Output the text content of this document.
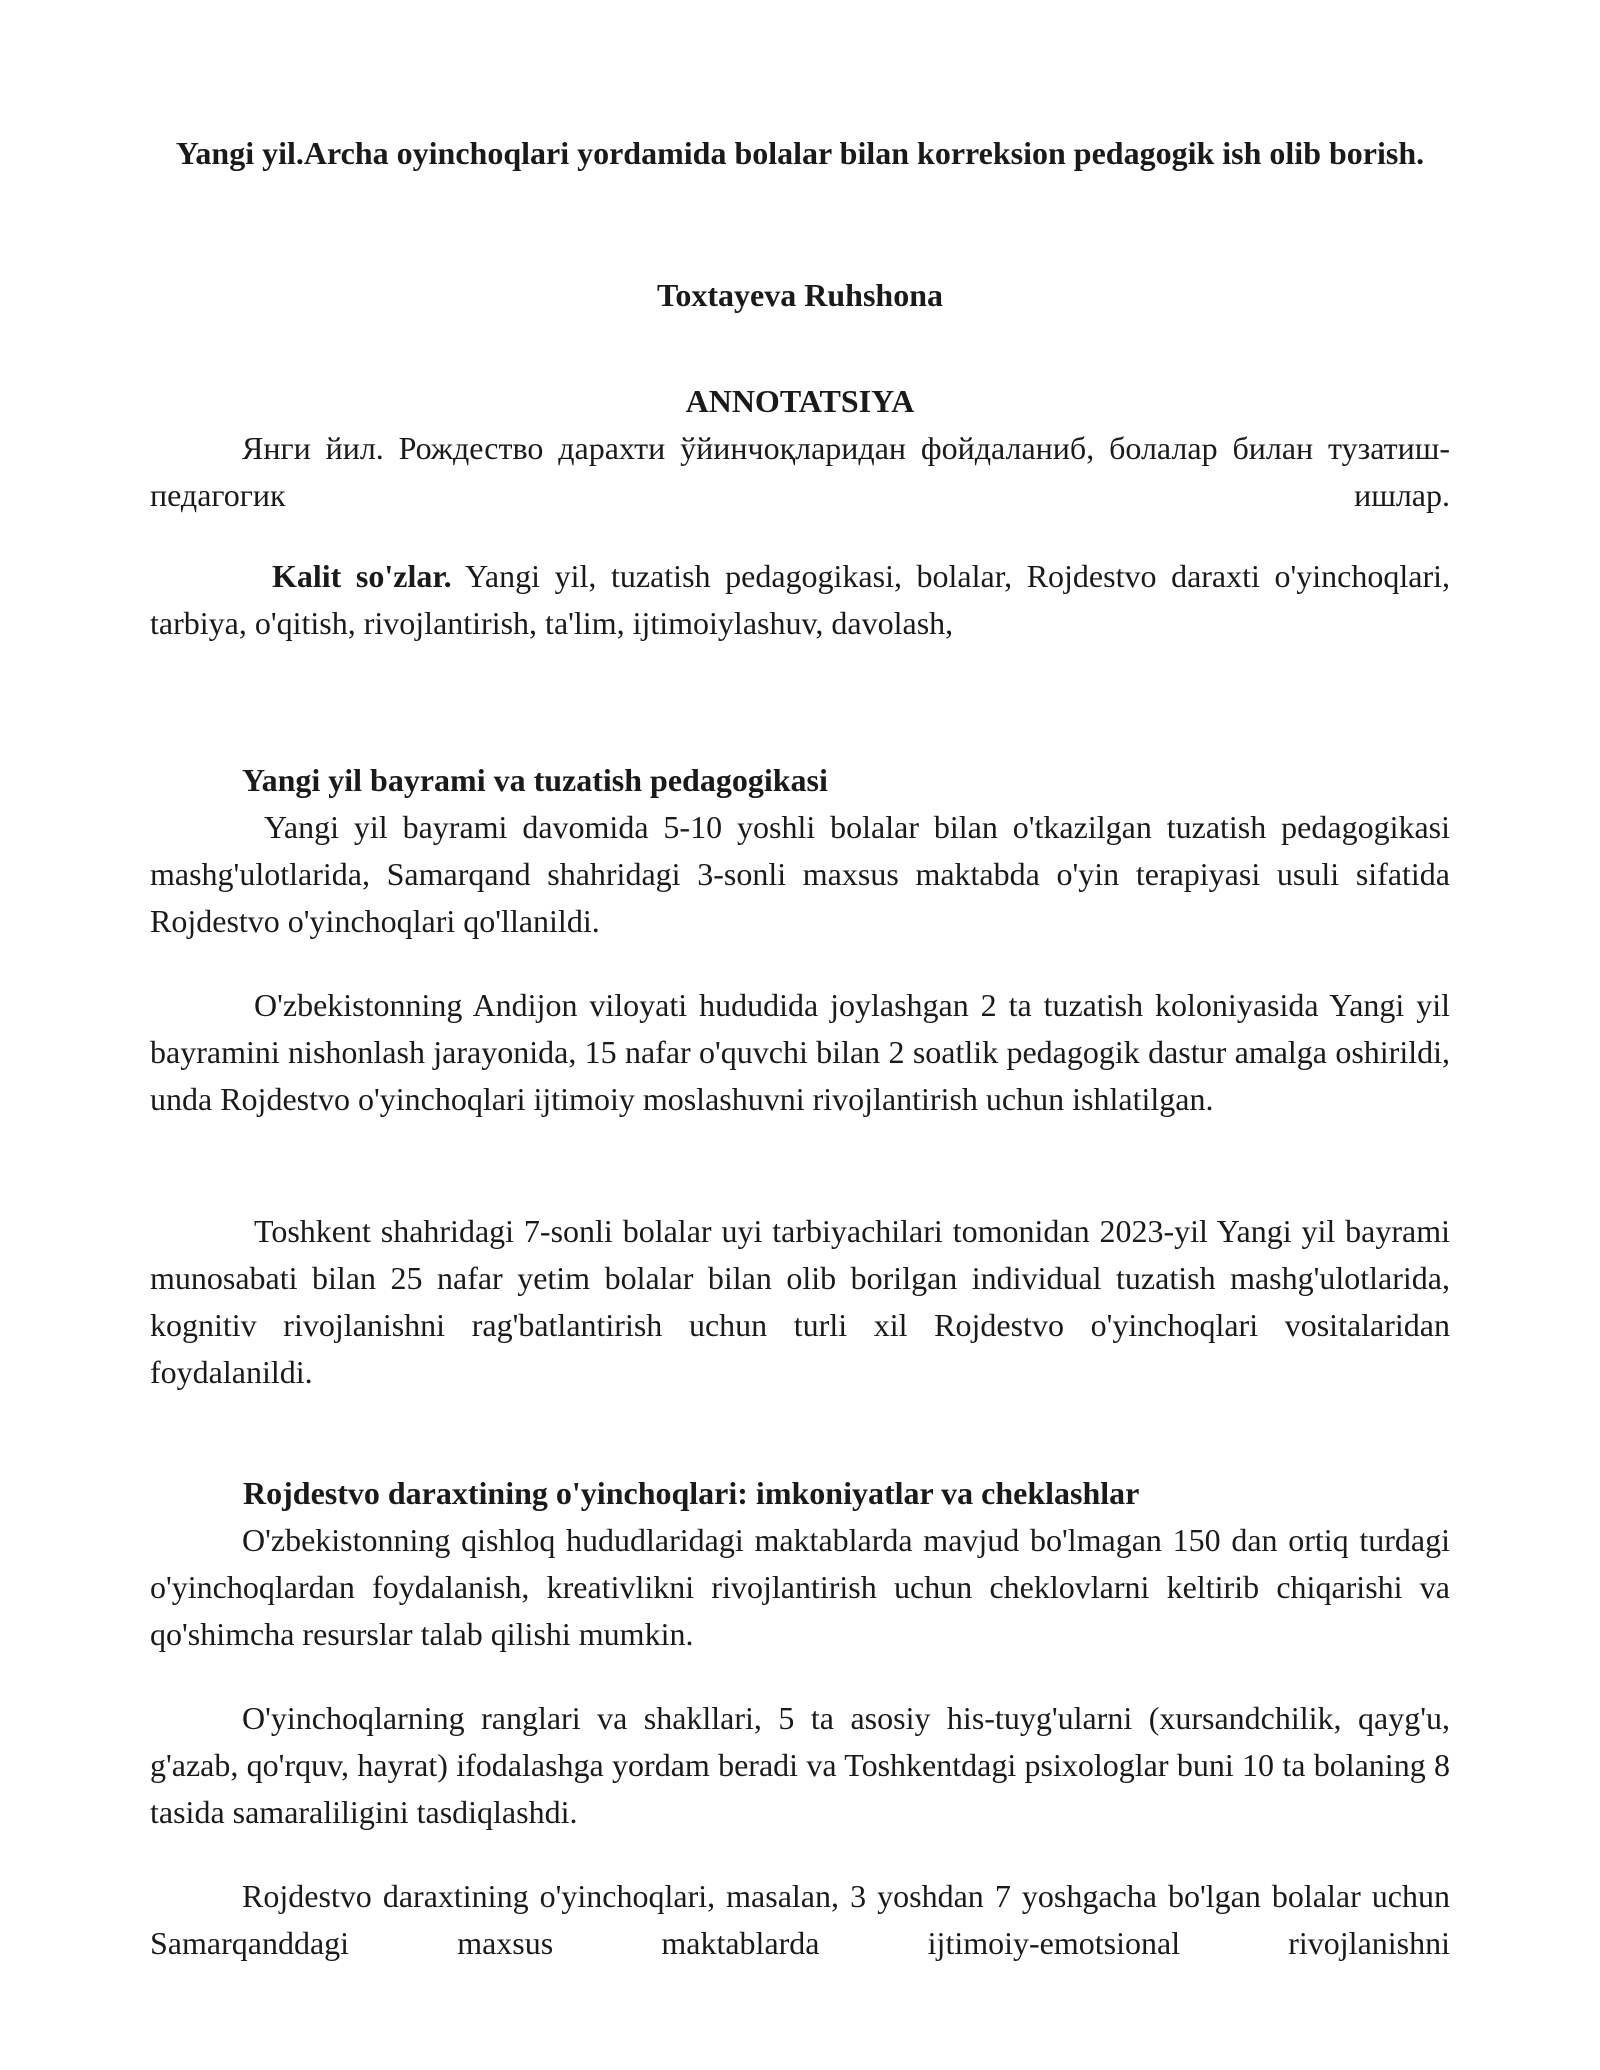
Yangi yil.Archa oyinchoqlari yordamida bolalar bilan korreksion pedagogik ish olib borish.
Toxtayeva Ruhshona
ANNOTATSIYA

Янги йил. Рождество дарахти ўйинчоқларидан фойдаланиб, болалар билан тузатиш-педагогик ишлар.

Kalit so'zlar. Yangi yil, tuzatish pedagogikasi, bolalar, Rojdestvo daraxti o'yinchoqlari, tarbiya, o'qitish, rivojlantirish, ta'lim, ijtimoiylashuv, davolash,

Yangi yil bayrami va tuzatish pedagogikasi

Yangi yil bayrami davomida 5-10 yoshli bolalar bilan o'tkazilgan tuzatish pedagogikasi mashg'ulotlarida, Samarqand shahridagi 3-sonli maxsus maktabda o'yin terapiyasi usuli sifatida Rojdestvo o'yinchoqlari qo'llanildi.

O'zbekistonning Andijon viloyati hududida joylashgan 2 ta tuzatish koloniyasida Yangi yil bayramini nishonlash jarayonida, 15 nafar o'quvchi bilan 2 soatlik pedagogik dastur amalga oshirildi, unda Rojdestvo o'yinchoqlari ijtimoiy moslashuvni rivojlantirish uchun ishlatilgan.

Toshkent shahridagi 7-sonli bolalar uyi tarbiyachilari tomonidan 2023-yil Yangi yil bayrami munosabati bilan 25 nafar yetim bolalar bilan olib borilgan individual tuzatish mashg'ulotlarida, kognitiv rivojlanishni rag'batlantirish uchun turli xil Rojdestvo o'yinchoqlari vositalaridan foydalanildi.

Rojdestvo daraxtining o'yinchoqlari: imkoniyatlar va cheklashlar

O'zbekistonning qishloq hududlaridagi maktablarda mavjud bo'lmagan 150 dan ortiq turdagi o'yinchoqlardan foydalanish, kreativlikni rivojlantirish uchun cheklovlarni keltirib chiqarishi va qo'shimcha resurslar talab qilishi mumkin.

O'yinchoqlarning ranglari va shakllari, 5 ta asosiy his-tuyg'ularni (xursandchilik, qayg'u, g'azab, qo'rquv, hayrat) ifodalashga yordam beradi va Toshkentdagi psixologlar buni 10 ta bolaning 8 tasida samaraliligini tasdiqlashdi.

Rojdestvo daraxtining o'yinchoqlari, masalan, 3 yoshdan 7 yoshgacha bo'lgan bolalar uchun Samarqanddagi maxsus maktablarda ijtimoiy-emotsional rivojlanishni
